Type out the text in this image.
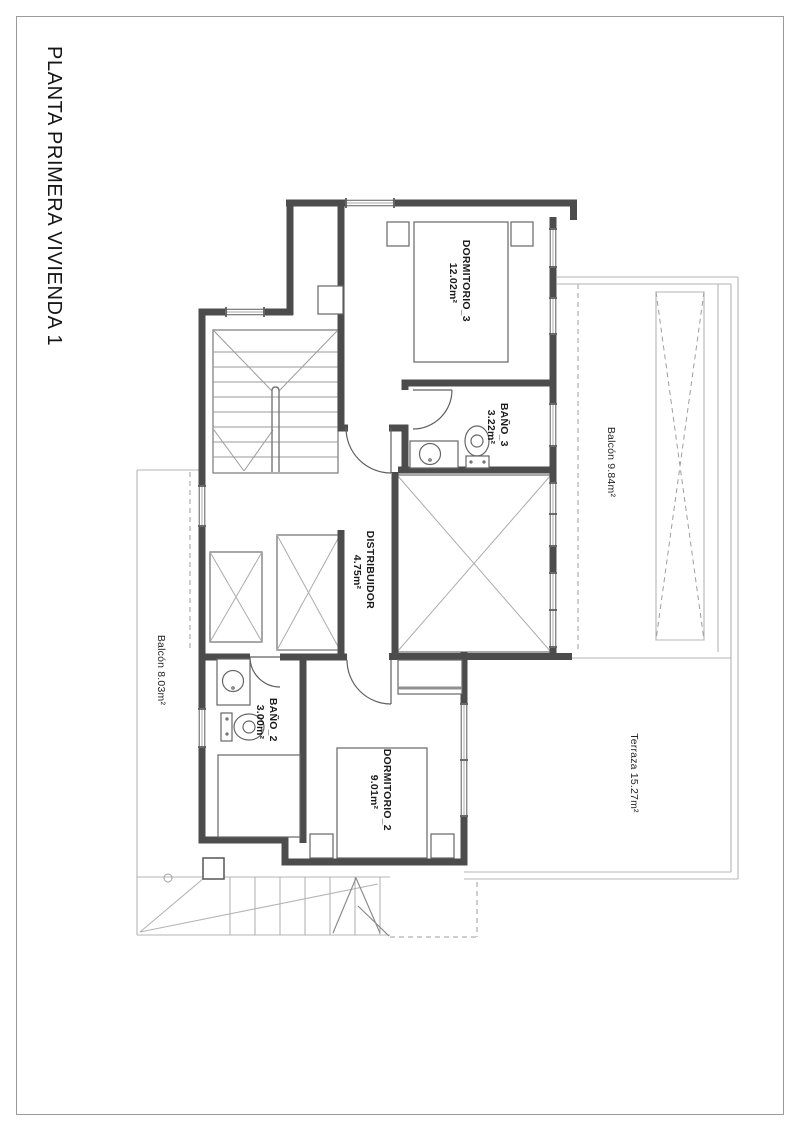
PLANTA PRIMERA VIVIENDA 1	DORMITORIO_3 12.02m²
BAÑO_3 3.22m²
DISTRIBUIDOR 4.75m²
BAÑO_2 3.00m²
DORMITORIO_2 9.01m²
Balcón 9.84m²
Balcón 8.03m²
Terraza 15.27m²
